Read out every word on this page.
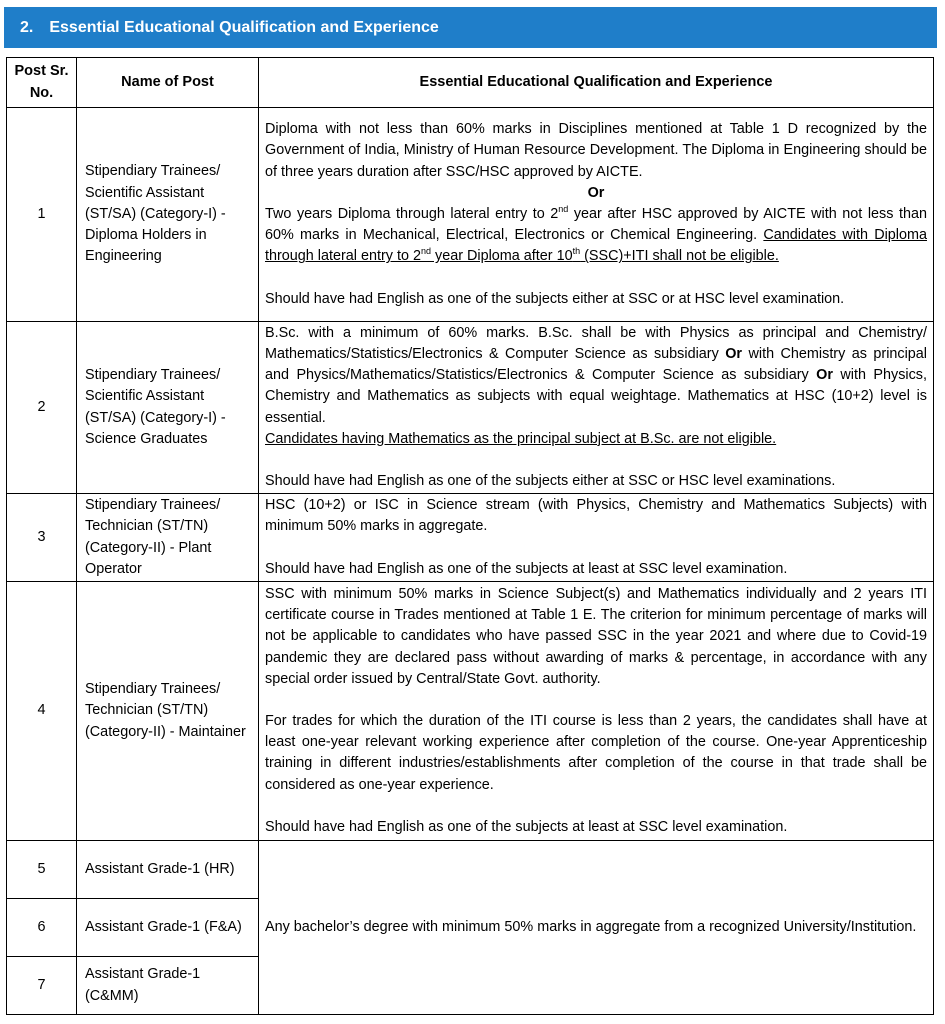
2. Essential Educational Qualification and Experience
Post Sr. No.	Name of Post	Essential Educational Qualification and Experience
1	Stipendiary Trainees/ Scientific Assistant (ST/SA) (Category-I) - Diploma Holders in Engineering	Diploma with not less than 60% marks in Disciplines mentioned at Table 1 D recognized by the Government of India, Ministry of Human Resource Development. The Diploma in Engineering should be of three years duration after SSC/HSC approved by AICTE.

Or

Two years Diploma through lateral entry to 2nd year after HSC approved by AICTE with not less than 60% marks in Mechanical, Electrical, Electronics or Chemical Engineering. Candidates with Diploma through lateral entry to 2nd year Diploma after 10th (SSC)+ITI shall not be eligible.

Should have had English as one of the subjects either at SSC or at HSC level examination.

2	Stipendiary Trainees/ Scientific Assistant (ST/SA) (Category-I) - Science Graduates	B.Sc. with a minimum of 60% marks. B.Sc. shall be with Physics as principal and Chemistry/ Mathematics/Statistics/Electronics & Computer Science as subsidiary Or with Chemistry as principal and Physics/Mathematics/Statistics/Electronics & Computer Science as subsidiary Or with Physics, Chemistry and Mathematics as subjects with equal weightage. Mathematics at HSC (10+2) level is essential.

Candidates having Mathematics as the principal subject at B.Sc. are not eligible.

Should have had English as one of the subjects either at SSC or HSC level examinations.

3	Stipendiary Trainees/ Technician (ST/TN) (Category-II) - Plant Operator	HSC (10+2) or ISC in Science stream (with Physics, Chemistry and Mathematics Subjects) with minimum 50% marks in aggregate.

Should have had English as one of the subjects at least at SSC level examination.

4	Stipendiary Trainees/ Technician (ST/TN) (Category-II) - Maintainer	SSC with minimum 50% marks in Science Subject(s) and Mathematics individually and 2 years ITI certificate course in Trades mentioned at Table 1 E. The criterion for minimum percentage of marks will not be applicable to candidates who have passed SSC in the year 2021 and where due to Covid-19 pandemic they are declared pass without awarding of marks & percentage, in accordance with any special order issued by Central/State Govt. authority.

For trades for which the duration of the ITI course is less than 2 years, the candidates shall have at least one-year relevant working experience after completion of the course. One-year Apprenticeship training in different industries/establishments after completion of the course in that trade shall be considered as one-year experience.

Should have had English as one of the subjects at least at SSC level examination.

5	Assistant Grade-1 (HR)	Any bachelor’s degree with minimum 50% marks in aggregate from a recognized University/Institution.

6	Assistant Grade-1 (F&A)	
7	Assistant Grade-1 (C&MM)	
